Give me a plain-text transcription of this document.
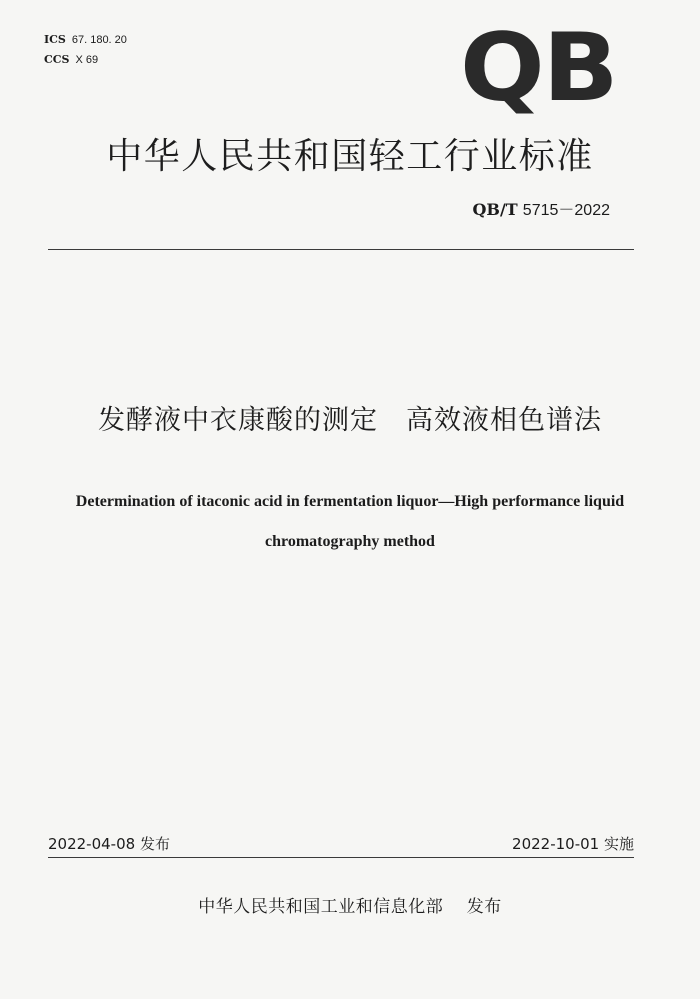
ICS 67. 180. 20
CCS X 69	QB
中华人民共和国轻工行业标准
QB/T 5715－2022
发酵液中衣康酸的测定　高效液相色谱法
Determination of itaconic acid in fermentation liquor—High performance liquid
chromatography method
2022-04-08 发布	2022-10-01 实施
中华人民共和国工业和信息化部　 发布
